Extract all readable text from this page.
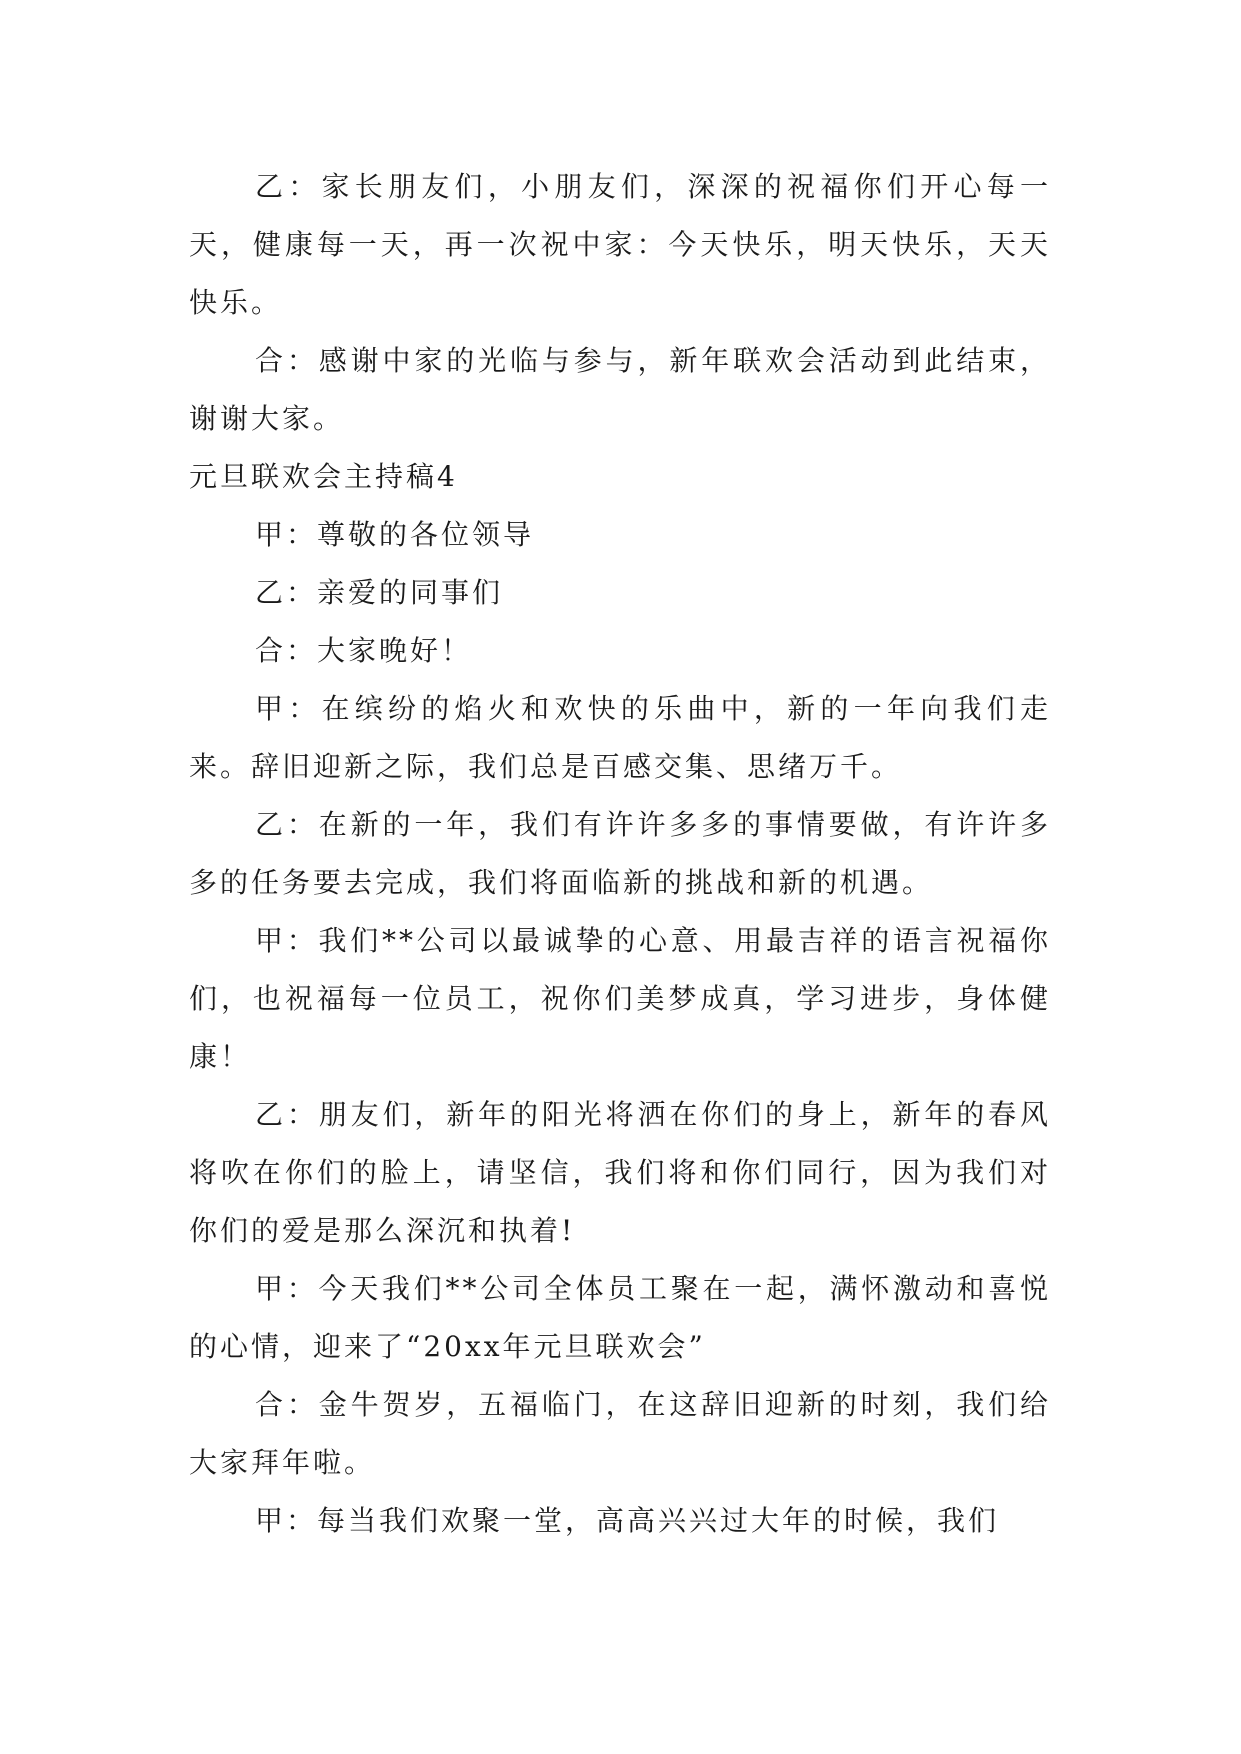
乙：家长朋友们，小朋友们，深深的祝福你们开心每一天，健康每一天，再一次祝中家：今天快乐，明天快乐，天天快乐。

合：感谢中家的光临与参与，新年联欢会活动到此结束，谢谢大家。

元旦联欢会主持稿4

甲：尊敬的各位领导

乙：亲爱的同事们

合：大家晚好！

甲：在缤纷的焰火和欢快的乐曲中，新的一年向我们走来。辞旧迎新之际，我们总是百感交集、思绪万千。

乙：在新的一年，我们有许许多多的事情要做，有许许多多的任务要去完成，我们将面临新的挑战和新的机遇。

甲：我们**公司以最诚挚的心意、用最吉祥的语言祝福你们，也祝福每一位员工，祝你们美梦成真，学习进步，身体健康！

乙：朋友们，新年的阳光将洒在你们的身上，新年的春风将吹在你们的脸上，请坚信，我们将和你们同行，因为我们对你们的爱是那么深沉和执着!

甲：今天我们**公司全体员工聚在一起，满怀激动和喜悦的心情，迎来了“20xx年元旦联欢会”

合：金牛贺岁，五福临门，在这辞旧迎新的时刻，我们给大家拜年啦。

甲：每当我们欢聚一堂，高高兴兴过大年的时候，我们
